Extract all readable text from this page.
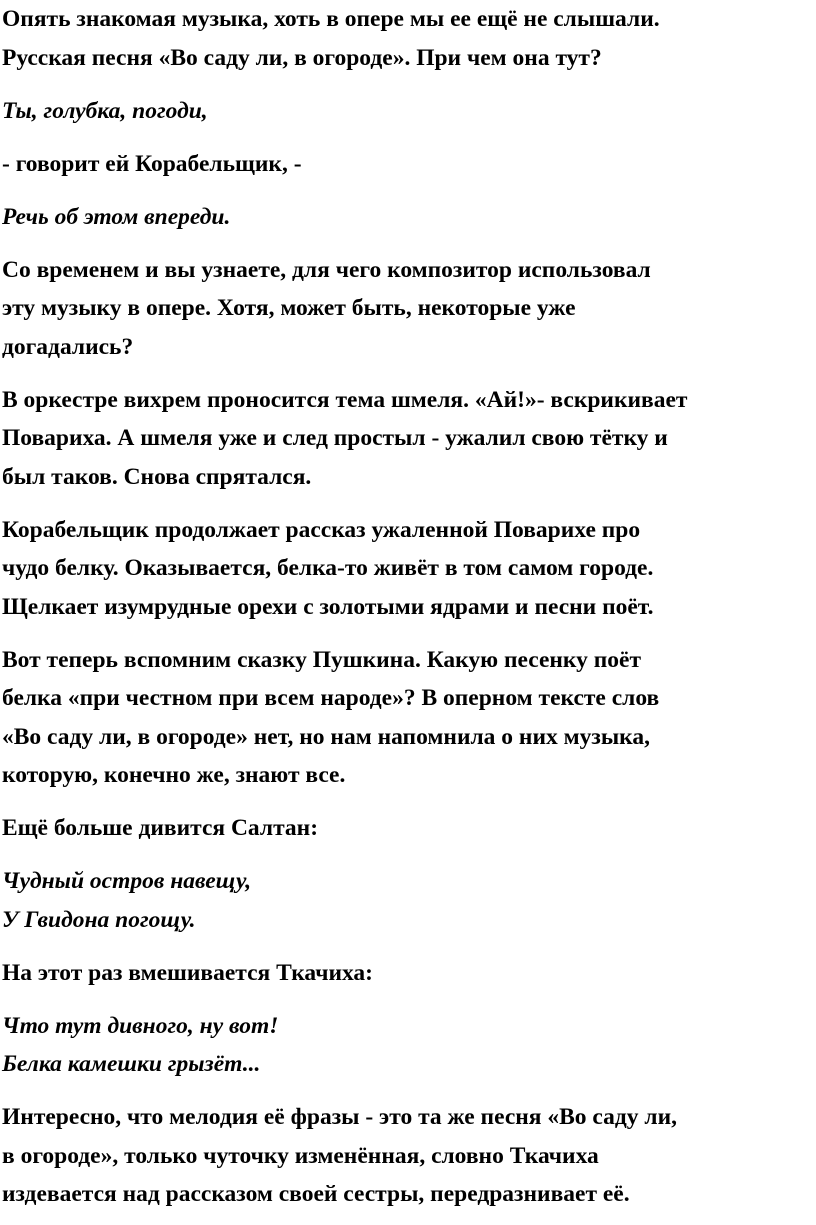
Опять знакомая музыка, хоть в опере мы ее ещё не слышали.
Русская песня «Во саду ли, в огороде». При чем она тут?
Ты, голубка, погоди,
- говорит ей Корабельщик, -
Речь об этом впереди.
Со временем и вы узнаете, для чего композитор использовал
эту музыку в опере. Хотя, может быть, некоторые уже
догадались?
В оркестре вихрем проносится тема шмеля. «Ай!»- вскрикивает
Повариха. А шмеля уже и след простыл - ужалил свою тётку и
был таков. Снова спрятался.
Корабельщик продолжает рассказ ужаленной Поварихе про
чудо белку. Оказывается, белка-то живёт в том самом городе.
Щелкает изумрудные орехи с золотыми ядрами и песни поёт.
Вот теперь вспомним сказку Пушкина. Какую песенку поёт
белка «при честном при всем народе»? В оперном тексте слов
«Во саду ли, в огороде» нет, но нам напомнила о них музыка,
которую, конечно же, знают все.
Ещё больше дивится Салтан:
Чудный остров навещу,
У Гвидона погощу.
На этот раз вмешивается Ткачиха:
Что тут дивного, ну вот!
Белка камешки грызёт...
Интересно, что мелодия её фразы - это та же песня «Во саду ли,
в огороде», только чуточку изменённая, словно Ткачиха
издевается над рассказом своей сестры, передразнивает её.
